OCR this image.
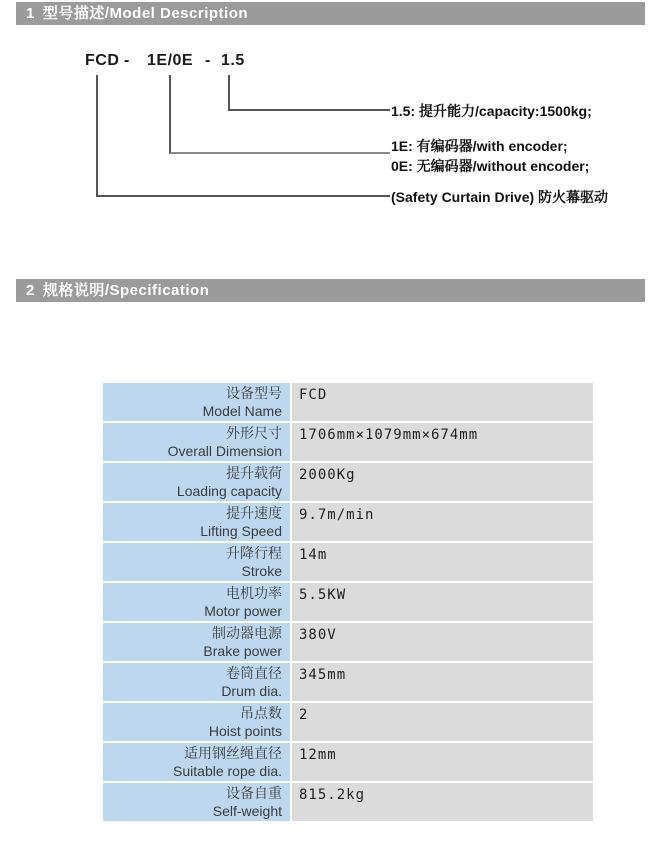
1 型号描述/Model Description
FCD - 1E/0E - 1.5
1.5: 提升能力/capacity:1500kg;
1E: 有编码器/with encoder;
0E: 无编码器/without encoder;
(Safety Curtain Drive) 防火幕驱动
2 规格说明/Specification
设备型号
Model Name
FCD
外形尺寸
Overall Dimension
1706mm×1079mm×674mm
提升载荷
Loading capacity
2000Kg
提升速度
Lifting Speed
9.7m/min
升降行程
Stroke
14m
电机功率
Motor power
5.5KW
制动器电源
Brake power
380V
卷筒直径
Drum dia.
345mm
吊点数
Hoist points
2
适用钢丝绳直径
Suitable rope dia.
12mm
设备自重
Self-weight
815.2kg
